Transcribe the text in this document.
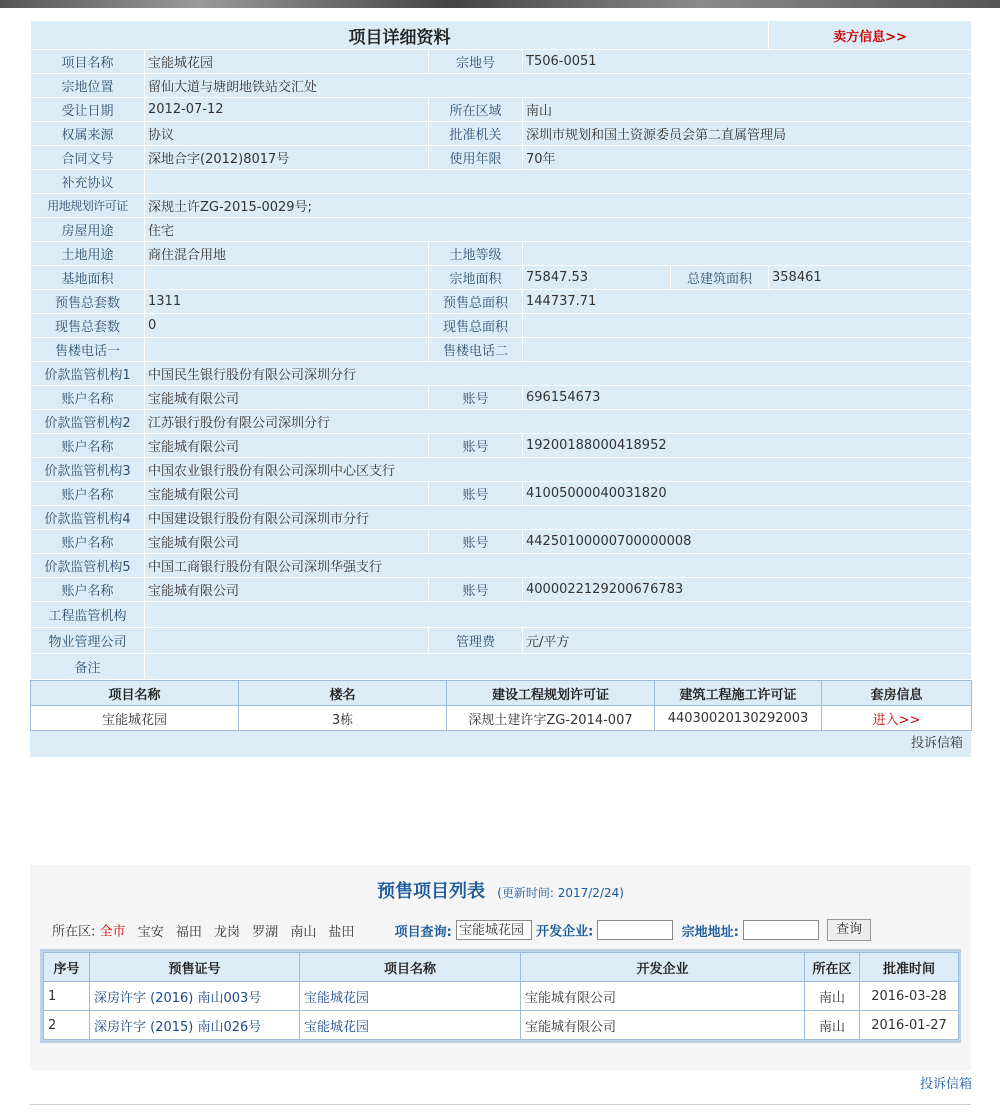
项目详细资料					卖方信息>>
项目名称	宝能城花园	宗地号	T506-0051		
宗地位置	留仙大道与塘朗地铁站交汇处				
受让日期	2012-07-12	所在区域	南山		
权属来源	协议	批准机关	深圳市规划和国土资源委员会第二直属管理局		
合同文号	深地合字(2012)8017号	使用年限	70年		
补充协议					
用地规划许可证	深规土许ZG-2015-0029号;				
房屋用途	住宅				
土地用途	商住混合用地	土地等级			
基地面积		宗地面积	75847.53	总建筑面积	358461
预售总套数	1311	预售总面积	144737.71		
现售总套数	0	现售总面积			
售楼电话一		售楼电话二			
价款监管机构1	中国民生银行股份有限公司深圳分行				
账户名称	宝能城有限公司	账号	696154673		
价款监管机构2	江苏银行股份有限公司深圳分行				
账户名称	宝能城有限公司	账号	19200188000418952		
价款监管机构3	中国农业银行股份有限公司深圳中心区支行				
账户名称	宝能城有限公司	账号	41005000040031820		
价款监管机构4	中国建设银行股份有限公司深圳市分行				
账户名称	宝能城有限公司	账号	44250100000700000008		
价款监管机构5	中国工商银行股份有限公司深圳华强支行				
账户名称	宝能城有限公司	账号	4000022129200676783		
工程监管机构					
物业管理公司		管理费	元/平方		
备注					
项目名称	楼名	建设工程规划许可证	建筑工程施工许可证	套房信息
宝能城花园	3栋	深规土建许字ZG-2014-007	44030020130292003	进入>>
投诉信箱
预售项目列表 (更新时间: 2017/2/24)
所在区: 全市 宝安 福田 龙岗 罗湖 南山 盐田	项目查询: 宝能城花园 开发企业:	宗地地址:	查询
序号	预售证号	项目名称	开发企业	所在区	批准时间
1	深房许字 (2016) 南山003号	宝能城花园	宝能城有限公司	南山	2016-03-28
2	深房许字 (2015) 南山026号	宝能城花园	宝能城有限公司	南山	2016-01-27
投诉信箱
